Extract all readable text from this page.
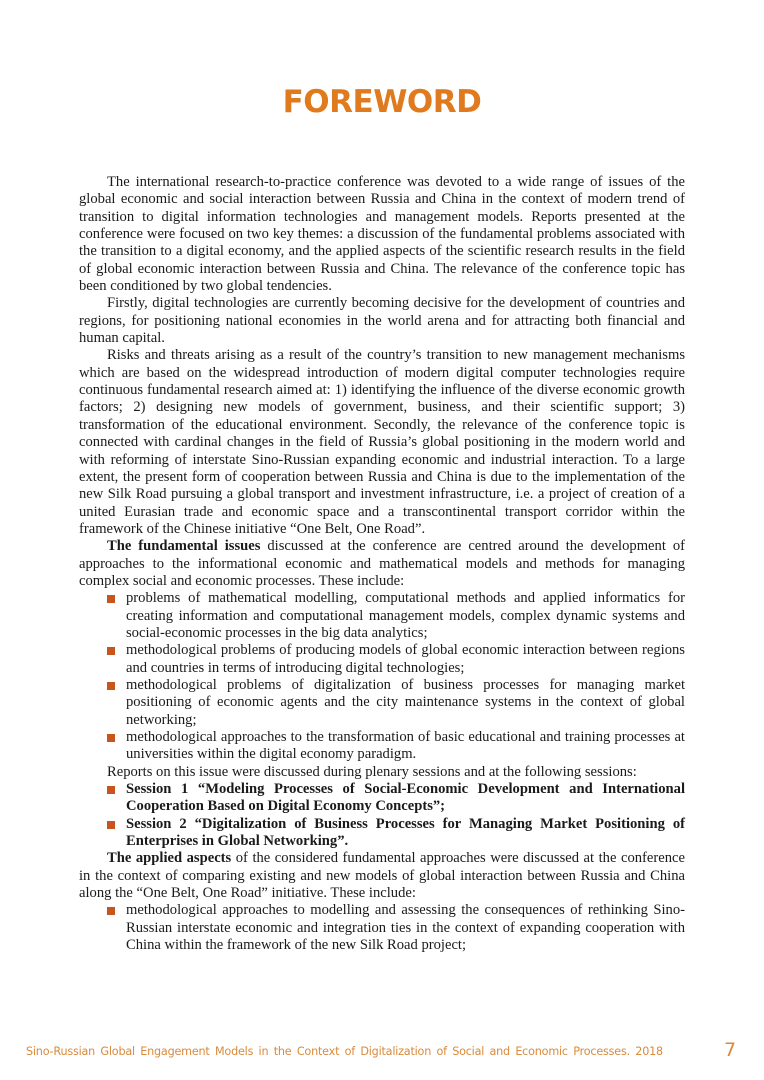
FOREWORD

The international research-to-practice conference was devoted to a wide range of issues of the global economic and social interaction between Russia and China in the context of modern trend of transition to digital information technologies and management models. Reports presented at the conference were focused on two key themes: a discussion of the fundamental problems associated with the transition to a digital economy, and the applied aspects of the scientific research results in the field of global economic interaction between Russia and China. The relevance of the conference topic has been conditioned by two global tendencies.

Firstly, digital technologies are currently becoming decisive for the development of countries and regions, for positioning national economies in the world arena and for attracting both financial and human capital.

Risks and threats arising as a result of the country’s transition to new management mechanisms which are based on the widespread introduction of modern digital computer technologies require continuous fundamental research aimed at: 1) identifying the influence of the diverse economic growth factors; 2) designing new models of government, business, and their scientific support; 3) transformation of the educational environment. Secondly, the relevance of the conference topic is connected with cardinal changes in the field of Russia’s global positioning in the modern world and with reforming of interstate Sino-Russian expanding economic and industrial interaction. To a large extent, the present form of cooperation between Russia and China is due to the implementation of the new Silk Road pursuing a global transport and investment infrastructure, i.e. a project of creation of a united Eurasian trade and economic space and a transcontinental transport corridor within the framework of the Chinese initiative “One Belt, One Road”.

The fundamental issues discussed at the conference are centred around the development of approaches to the informational economic and mathematical models and methods for managing complex social and economic processes. These include:

problems of mathematical modelling, computational methods and applied informatics for creating information and computational management models, complex dynamic systems and social-economic processes in the big data analytics;
methodological problems of producing models of global economic interaction between regions and countries in terms of introducing digital technologies;
methodological problems of digitalization of business processes for managing market positioning of economic agents and the city maintenance systems in the context of global networking;
methodological approaches to the transformation of basic educational and training processes at universities within the digital economy paradigm.

Reports on this issue were discussed during plenary sessions and at the following sessions:

Session 1 “Modeling Processes of Social-Economic Development and International Cooperation Based on Digital Economy Concepts”;
Session 2 “Digitalization of Business Processes for Managing Market Positioning of Enterprises in Global Networking”.

The applied aspects of the considered fundamental approaches were discussed at the conference in the context of comparing existing and new models of global interaction between Russia and China along the “One Belt, One Road” initiative. These include:

methodological approaches to modelling and assessing the consequences of rethinking Sino-Russian interstate economic and integration ties in the context of expanding cooperation with China within the framework of the new Silk Road project;
Sino-Russian Global Engagement Models in the Context of Digitalization of Social and Economic Processes. 2018	7
